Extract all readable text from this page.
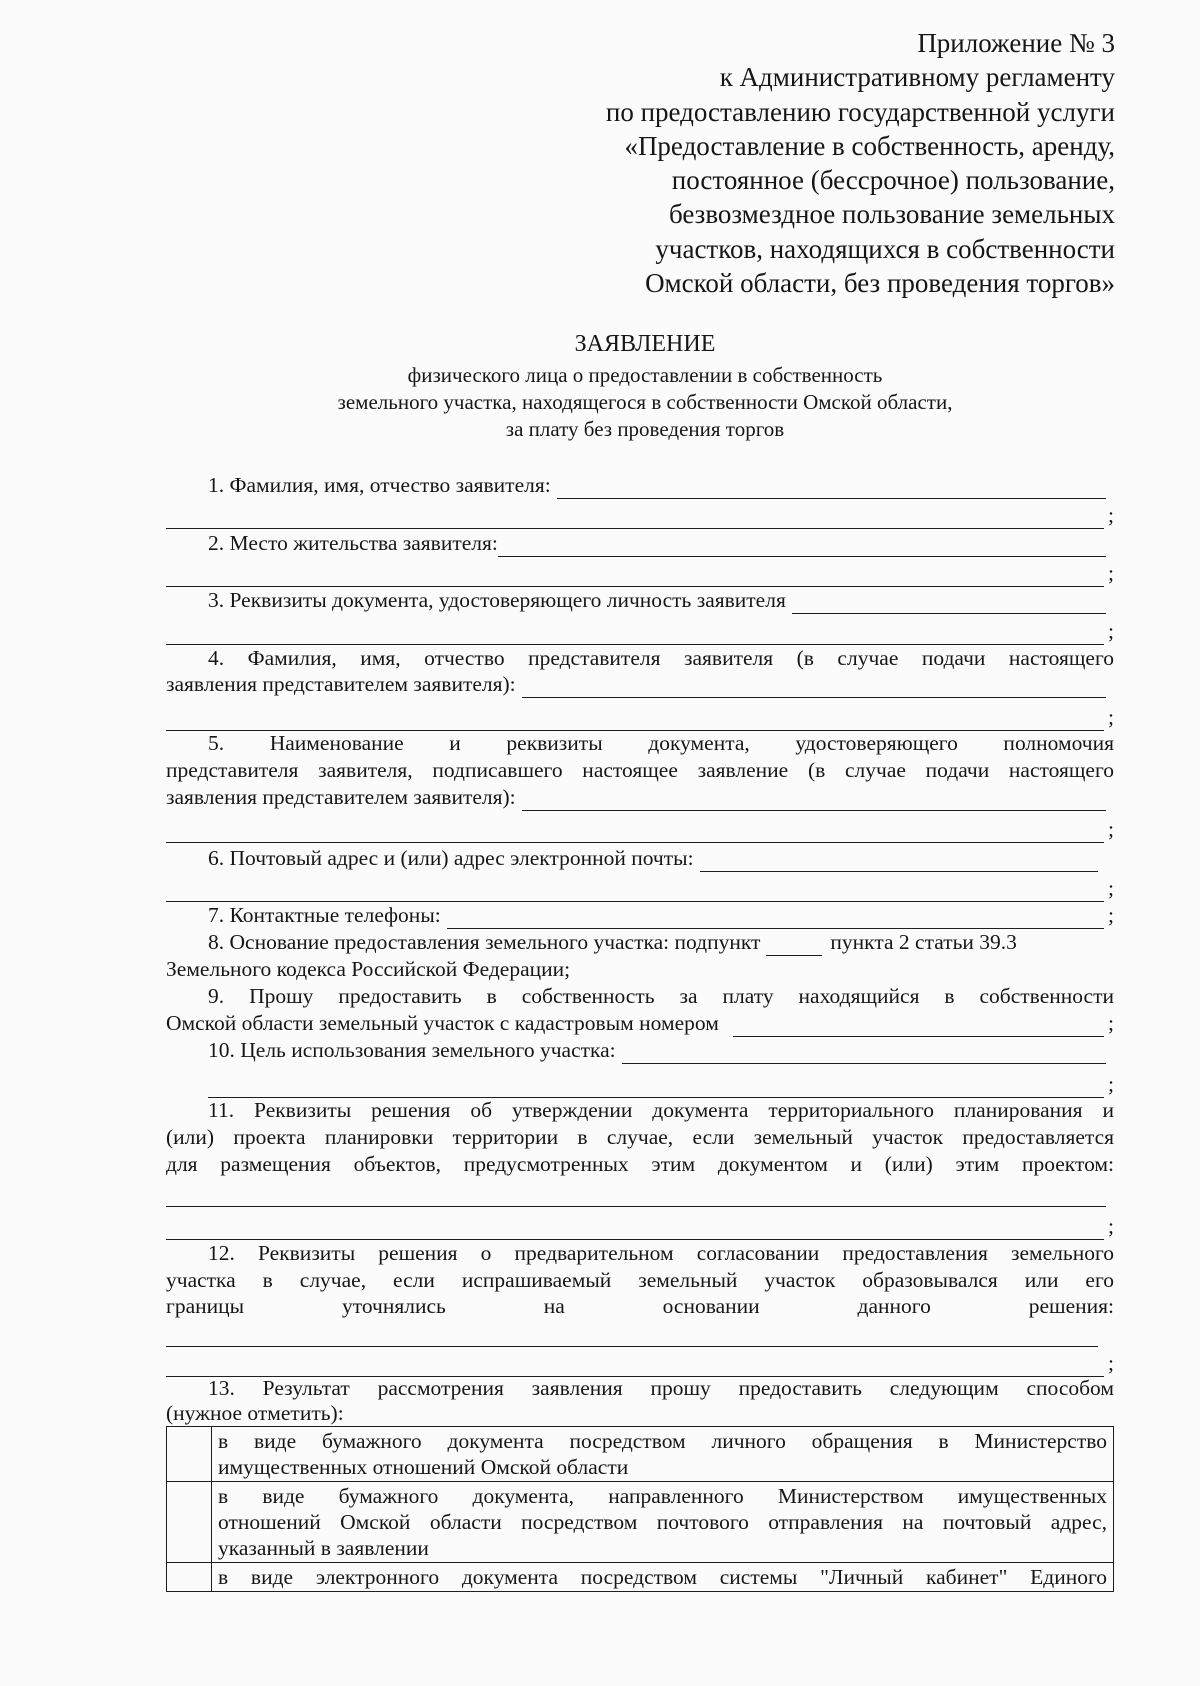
Приложение № 3
к Административному регламенту
по предоставлению государственной услуги
«Предоставление в собственность, аренду,
постоянное (бессрочное) пользование,
безвозмездное пользование земельных
участков, находящихся в собственности
Омской области, без проведения торгов»
ЗАЯВЛЕНИЕ
физического лица о предоставлении в собственность
земельного участка, находящегося в собственности Омской области,
за плату без проведения торгов
1. Фамилия, имя, отчество заявителя:
;
2. Место жительства заявителя:
;
3. Реквизиты документа, удостоверяющего личность заявителя
;
4. Фамилия, имя, отчество представителя заявителя (в случае подачи настоящего
заявления представителем заявителя):
;
5. Наименование и реквизиты документа, удостоверяющего полномочия
представителя заявителя, подписавшего настоящее заявление (в случае подачи настоящего
заявления представителем заявителя):
;
6. Почтовый адрес и (или) адрес электронной почты:
;
7. Контактные телефоны:	;
8. Основание предоставления земельного участка: подпункт	пункта 2 статьи 39.3
Земельного кодекса Российской Федерации;
9. Прошу предоставить в собственность за плату находящийся в собственности
Омской области земельный участок с кадастровым номером	;
10. Цель использования земельного участка:
;
11. Реквизиты решения об утверждении документа территориального планирования и
(или) проекта планировки территории в случае, если земельный участок предоставляется
для размещения объектов, предусмотренных этим документом и (или) этим проектом:
;
12. Реквизиты решения о предварительном согласовании предоставления земельного
участка в случае, если испрашиваемый земельный участок образовывался или его
границы уточнялись на основании данного решения:
;
13. Результат рассмотрения заявления прошу предоставить следующим способом
(нужное отметить):

	в виде бумажного документа посредством личного обращения в Министерство
имущественных отношений Омской области

	в виде бумажного документа, направленного Министерством имущественных
отношений Омской области посредством почтового отправления на почтовый адрес,
указанный в заявлении

	в виде электронного документа посредством системы "Личный кабинет" Единого
